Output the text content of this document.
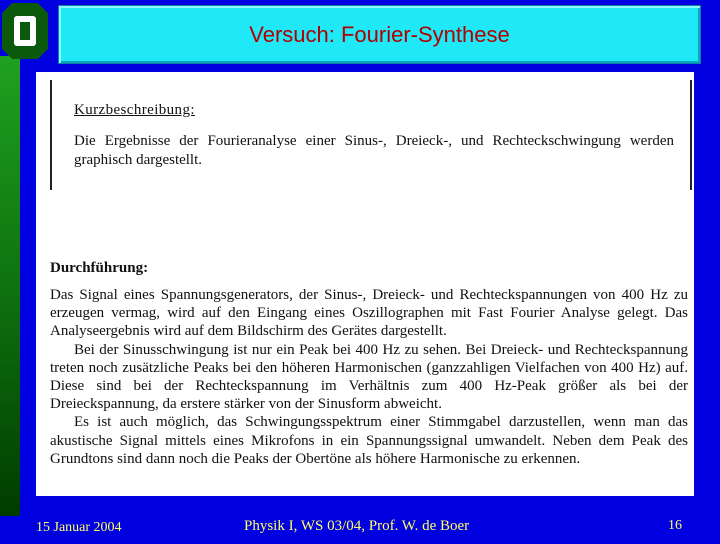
Versuch: Fourier-Synthese
Kurzbeschreibung:
Die Ergebnisse der Fourieranalyse einer Sinus-, Dreieck-, und Rechteckschwingung werden graphisch dargestellt.
Durchführung:

Das Signal eines Spannungsgenerators, der Sinus-, Dreieck- und Rechteckspannungen von 400 Hz zu erzeugen vermag, wird auf den Eingang eines Oszillographen mit Fast Fourier Analyse gelegt. Das Analyseergebnis wird auf dem Bildschirm des Gerätes dargestellt.

Bei der Sinusschwingung ist nur ein Peak bei 400 Hz zu sehen. Bei Dreieck- und Rechteckspannung treten noch zusätzliche Peaks bei den höheren Harmonischen (ganzzahligen Vielfachen von 400 Hz) auf. Diese sind bei der Rechteckspannung im Verhältnis zum 400 Hz-Peak größer als bei der Dreieckspannung, da erstere stärker von der Sinusform abweicht.

Es ist auch möglich, das Schwingungsspektrum einer Stimmgabel darzustellen, wenn man das akustische Signal mittels eines Mikrofons in ein Spannungssignal umwandelt. Neben dem Peak des Grundtons sind dann noch die Peaks der Obertöne als höhere Harmonische zu erkennen.

15 Januar 2004	Physik I, WS 03/04, Prof. W. de Boer	16
